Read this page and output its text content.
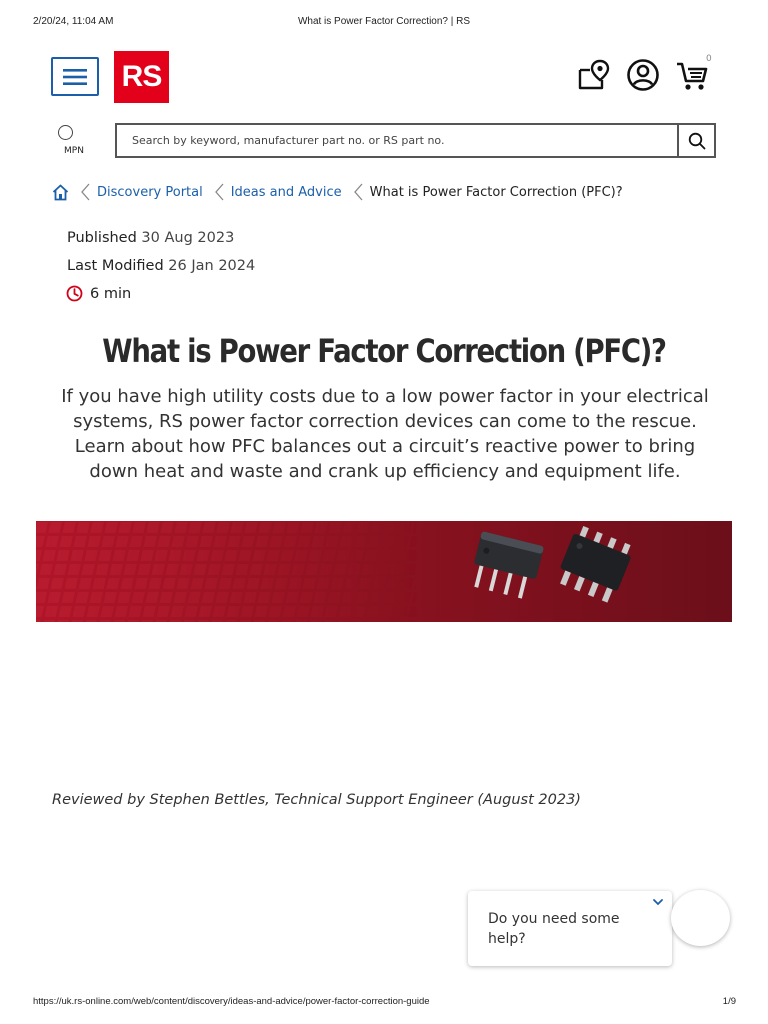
2/20/24, 11:04 AM	What is Power Factor Correction? | RS
RS
0
MPN
Search by keyword, manufacturer part no. or RS part no.
Discovery Portal Ideas and Advice What is Power Factor Correction (PFC)?
Published 30 Aug 2023
Last Modified 26 Jan 2024
6 min
What is Power Factor Correction (PFC)?

If you have high utility costs due to a low power factor in your electrical systems, RS power factor correction devices can come to the rescue. Learn about how PFC balances out a circuit’s reactive power to bring down heat and waste and crank up efficiency and equipment life.

Reviewed by Stephen Bettles, Technical Support Engineer (August 2023)

Do you need some help?
https://uk.rs-online.com/web/content/discovery/ideas-and-advice/power-factor-correction-guide	1/9
